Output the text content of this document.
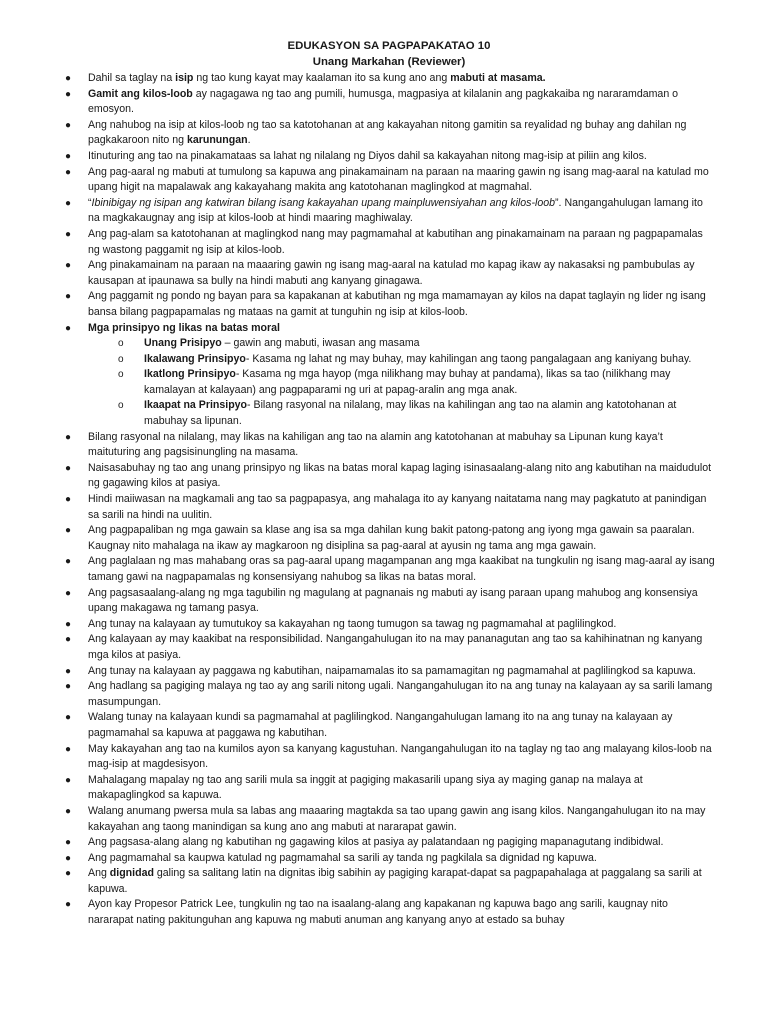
EDUKASYON SA PAGPAPAKATAO 10
Unang Markahan (Reviewer)
● Dahil sa taglay na isip ng tao kung kayat may kaalaman ito sa kung ano ang mabuti at masama.
● Gamit ang kilos-loob ay nagagawa ng tao ang pumili, humusga, magpasiya at kilalanin ang pagkakaiba ng nararamdaman o emosyon.
● Ang nahubog na isip at kilos-loob ng tao sa katotohanan at ang kakayahan nitong gamitin sa reyalidad ng buhay ang dahilan ng pagkakaroon nito ng karunungan.
● Itinuturing ang tao na pinakamataas sa lahat ng nilalang ng Diyos dahil sa kakayahan nitong mag-isip at piliin ang kilos.
● Ang pag-aaral ng mabuti at tumulong sa kapuwa ang pinakamainam na paraan na maaring gawin ng isang mag-aaral na katulad mo upang higit na mapalawak ang kakayahang makita ang katotohanan maglingkod at magmahal.
● “Ibinibigay ng isipan ang katwiran bilang isang kakayahan upang mainpluwensiyahan ang kilos-loob”. Nangangahulugan lamang ito na magkakaugnay ang isip at kilos-loob at hindi maaring maghiwalay.
● Ang pag-alam sa katotohanan at maglingkod nang may pagmamahal at kabutihan ang pinakamainam na paraan ng pagpapamalas ng wastong paggamit ng isip at kilos-loob.
● Ang pinakamainam na paraan na maaaring gawin ng isang mag-aaral na katulad mo kapag ikaw ay nakasaksi ng pambubulas ay kausapan at ipaunawa sa bully na hindi mabuti ang kanyang ginagawa.
● Ang paggamit ng pondo ng bayan para sa kapakanan at kabutihan ng mga mamamayan ay kilos na dapat taglayin ng lider ng isang bansa bilang pagpapamalas ng mataas na gamit at tunguhin ng isip at kilos-loob.
● Mga prinsipyo ng likas na batas moral
o Unang Prisipyo – gawin ang mabuti, iwasan ang masama
o Ikalawang Prinsipyo- Kasama ng lahat ng may buhay, may kahilingan ang taong pangalagaan ang kaniyang buhay.
o Ikatlong Prinsipyo- Kasama ng mga hayop (mga nilikhang may buhay at pandama), likas sa tao (nilikhang may kamalayan at kalayaan) ang pagpaparami ng uri at papag-aralin ang mga anak.
o Ikaapat na Prinsipyo- Bilang rasyonal na nilalang, may likas na kahilingan ang tao na alamin ang katotohanan at mabuhay sa lipunan.
● Bilang rasyonal na nilalang, may likas na kahiligan ang tao na alamin ang katotohanan at mabuhay sa Lipunan kung kaya’t maituturing ang pagsisinungling na masama.
● Naisasabuhay ng tao ang unang prinsipyo ng likas na batas moral kapag laging isinasaalang-alang nito ang kabutihan na maidudulot ng gagawing kilos at pasiya.
● Hindi maiiwasan na magkamali ang tao sa pagpapasya, ang mahalaga ito ay kanyang naitatama nang may pagkatuto at panindigan sa sarili na hindi na uulitin.
● Ang pagpapaliban ng mga gawain sa klase ang isa sa mga dahilan kung bakit patong-patong ang iyong mga gawain sa paaralan. Kaugnay nito mahalaga na ikaw ay magkaroon ng disiplina sa pag-aaral at ayusin ng tama ang mga gawain.
● Ang paglalaan ng mas mahabang oras sa pag-aaral upang magampanan ang mga kaakibat na tungkulin ng isang mag-aaral ay isang tamang gawi na nagpapamalas ng konsensiyang nahubog sa likas na batas moral.
● Ang pagsasaalang-alang ng mga tagubilin ng magulang at pagnanais ng mabuti ay isang paraan upang mahubog ang konsensiya upang makagawa ng tamang pasya.
● Ang tunay na kalayaan ay tumutukoy sa kakayahan ng taong tumugon sa tawag ng pagmamahal at paglilingkod.
● Ang kalayaan ay may kaakibat na responsibilidad. Nangangahulugan ito na may pananagutan ang tao sa kahihinatnan ng kanyang mga kilos at pasiya.
● Ang tunay na kalayaan ay paggawa ng kabutihan, naipamamalas ito sa pamamagitan ng pagmamahal at paglilingkod sa kapuwa.
● Ang hadlang sa pagiging malaya ng tao ay ang sarili nitong ugali. Nangangahulugan ito na ang tunay na kalayaan ay sa sarili lamang masumpungan.
● Walang tunay na kalayaan kundi sa pagmamahal at paglilingkod. Nangangahulugan lamang ito na ang tunay na kalayaan ay pagmamahal sa kapuwa at paggawa ng kabutihan.
● May kakayahan ang tao na kumilos ayon sa kanyang kagustuhan. Nangangahulugan ito na taglay ng tao ang malayang kilos-loob na mag-isip at magdesisyon.
● Mahalagang mapalay ng tao ang sarili mula sa inggit at pagiging makasarili upang siya ay maging ganap na malaya at makapaglingkod sa kapuwa.
● Walang anumang pwersa mula sa labas ang maaaring magtakda sa tao upang gawin ang isang kilos. Nangangahulugan ito na may kakayahan ang taong manindigan sa kung ano ang mabuti at nararapat gawin.
● Ang pagsasa-alang alang ng kabutihan ng gagawing kilos at pasiya ay palatandaan ng pagiging mapanagutang indibidwal.
● Ang pagmamahal sa kaupwa katulad ng pagmamahal sa sarili ay tanda ng pagkilala sa dignidad ng kapuwa.
● Ang dignidad galing sa salitang latin na dignitas ibig sabihin ay pagiging karapat-dapat sa pagpapahalaga at paggalang sa sarili at kapuwa.
● Ayon kay Propesor Patrick Lee, tungkulin ng tao na isaalang-alang ang kapakanan ng kapuwa bago ang sarili, kaugnay nito nararapat nating pakitunguhan ang kapuwa ng mabuti anuman ang kanyang anyo at estado sa buhay
